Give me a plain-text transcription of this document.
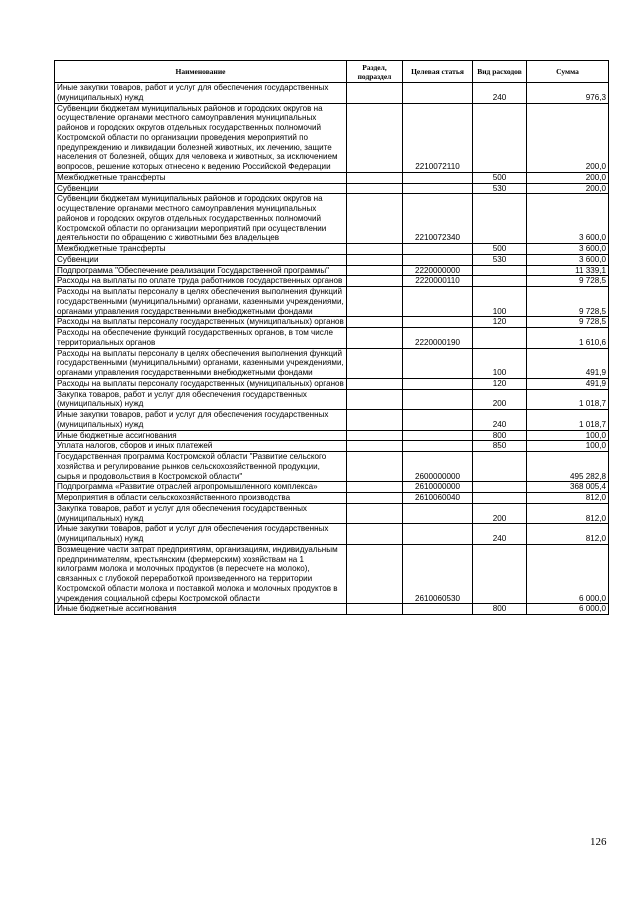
Наименование	Раздел, подраздел	Целевая статья	Вид расходов	Сумма
Иные закупки товаров, работ и услуг для обеспечения государственных (муниципальных) нужд			240	976,3
Субвенции бюджетам муниципальных районов и городских округов на осуществление органами местного самоуправления муниципальных районов и городских округов отдельных государственных полномочий Костромской области по организации проведения мероприятий по предупреждению и ликвидации болезней животных, их лечению, защите населения от болезней, общих для человека и животных, за исключением вопросов, решение которых отнесено к ведению Российской Федерации		2210072110		200,0
Межбюджетные трансферты			500	200,0
Субвенции			530	200,0
Субвенции бюджетам муниципальных районов и городских округов на осуществление органами местного самоуправления муниципальных районов и городских округов отдельных государственных полномочий Костромской области по организации мероприятий при осуществлении деятельности по обращению с животными без владельцев		2210072340		3 600,0
Межбюджетные трансферты			500	3 600,0
Субвенции			530	3 600,0
Подпрограмма "Обеспечение реализации Государственной программы"		2220000000		11 339,1
Расходы на выплаты по оплате труда работников государственных органов		2220000110		9 728,5
Расходы на выплаты персоналу в целях обеспечения выполнения функций государственными (муниципальными) органами, казенными учреждениями, органами управления государственными внебюджетными фондами			100	9 728,5
Расходы на выплаты персоналу государственных (муниципальных) органов			120	9 728,5
Расходы на обеспечение функций государственных органов, в том числе территориальных органов		2220000190		1 610,6
Расходы на выплаты персоналу в целях обеспечения выполнения функций государственными (муниципальными) органами, казенными учреждениями, органами управления государственными внебюджетными фондами			100	491,9
Расходы на выплаты персоналу государственных (муниципальных) органов			120	491,9
Закупка товаров, работ и услуг для обеспечения государственных (муниципальных) нужд			200	1 018,7
Иные закупки товаров, работ и услуг для обеспечения государственных (муниципальных) нужд			240	1 018,7
Иные бюджетные ассигнования			800	100,0
Уплата налогов, сборов и иных платежей			850	100,0
Государственная программа Костромской области "Развитие сельского хозяйства и регулирование рынков сельскохозяйственной продукции, сырья и продовольствия в Костромской области"		2600000000		495 282,8
Подпрограмма «Развитие отраслей агропромышленного комплекса»		2610000000		368 005,4
Мероприятия в области сельскохозяйственного производства		2610060040		812,0
Закупка товаров, работ и услуг для обеспечения государственных (муниципальных) нужд			200	812,0
Иные закупки товаров, работ и услуг для обеспечения государственных (муниципальных) нужд			240	812,0
Возмещение части затрат предприятиям, организациям, индивидуальным предпринимателям, крестьянским (фермерским) хозяйствам на 1 килограмм молока и молочных продуктов (в пересчете на молоко), связанных с глубокой переработкой произведенного на территории Костромской области молока и поставкой молока и молочных продуктов в учреждения социальной сферы Костромской области		2610060530		6 000,0
Иные бюджетные ассигнования			800	6 000,0
126
